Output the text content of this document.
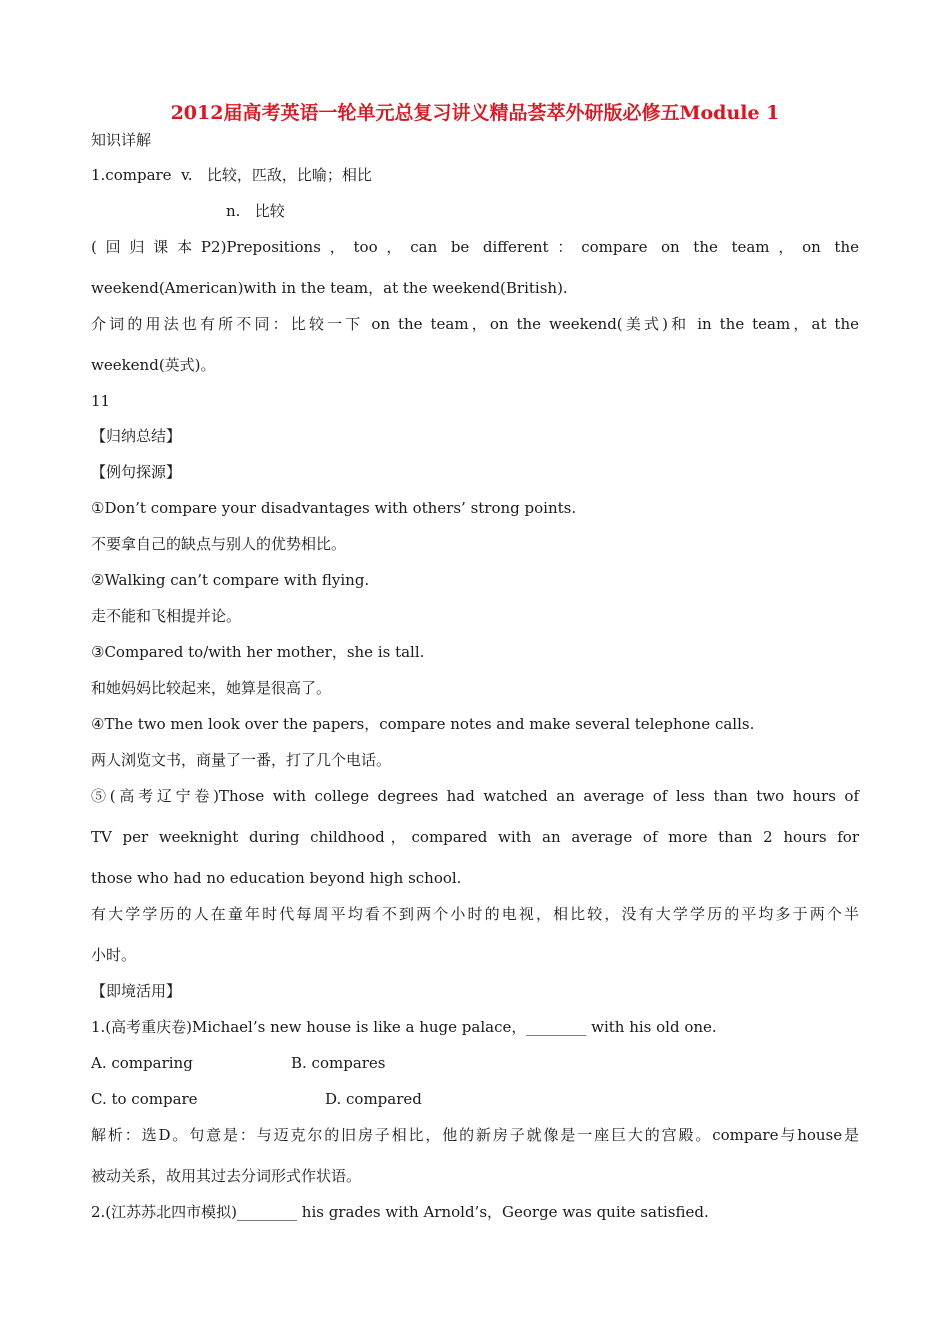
2012届高考英语一轮单元总复习讲义精品荟萃外研版必修五Module 1
知识详解
1.compare  v.   比较，匹敌，比喻；相比
n.   比较
(回归课本P2)Prepositions，too，can be different：compare on the team，on the
weekend(American)with in the team，at the weekend(British).
介词的用法也有所不同：比较一下 on the team，on the weekend(美式)和 in the team，at the
weekend(英式)。
11
【归纳总结】
【例句探源】
①Don’t compare your disadvantages with others’ strong points.
不要拿自己的缺点与别人的优势相比。
②Walking can’t compare with flying.
走不能和飞相提并论。
③Compared to/with her mother，she is tall.
和她妈妈比较起来，她算是很高了。
④The two men look over the papers，compare notes and make several telephone calls.
两人浏览文书，商量了一番，打了几个电话。
⑤(高考辽宁卷)Those with college degrees had watched an average of less than two hours of
TV per weeknight during childhood，compared with an average of more than 2 hours for
those who had no education beyond high school.
有大学学历的人在童年时代每周平均看不到两个小时的电视，相比较，没有大学学历的平均多于两个半
小时。
【即境活用】
1.(高考重庆卷)Michael’s new house is like a huge palace，________ with his old one.
A. comparing	B. compares
C. to compare	D. compared
解析：选D。句意是：与迈克尔的旧房子相比，他的新房子就像是一座巨大的宫殿。compare与house是
被动关系，故用其过去分词形式作状语。
2.(江苏苏北四市模拟)________ his grades with Arnold’s，George was quite satisfied.
